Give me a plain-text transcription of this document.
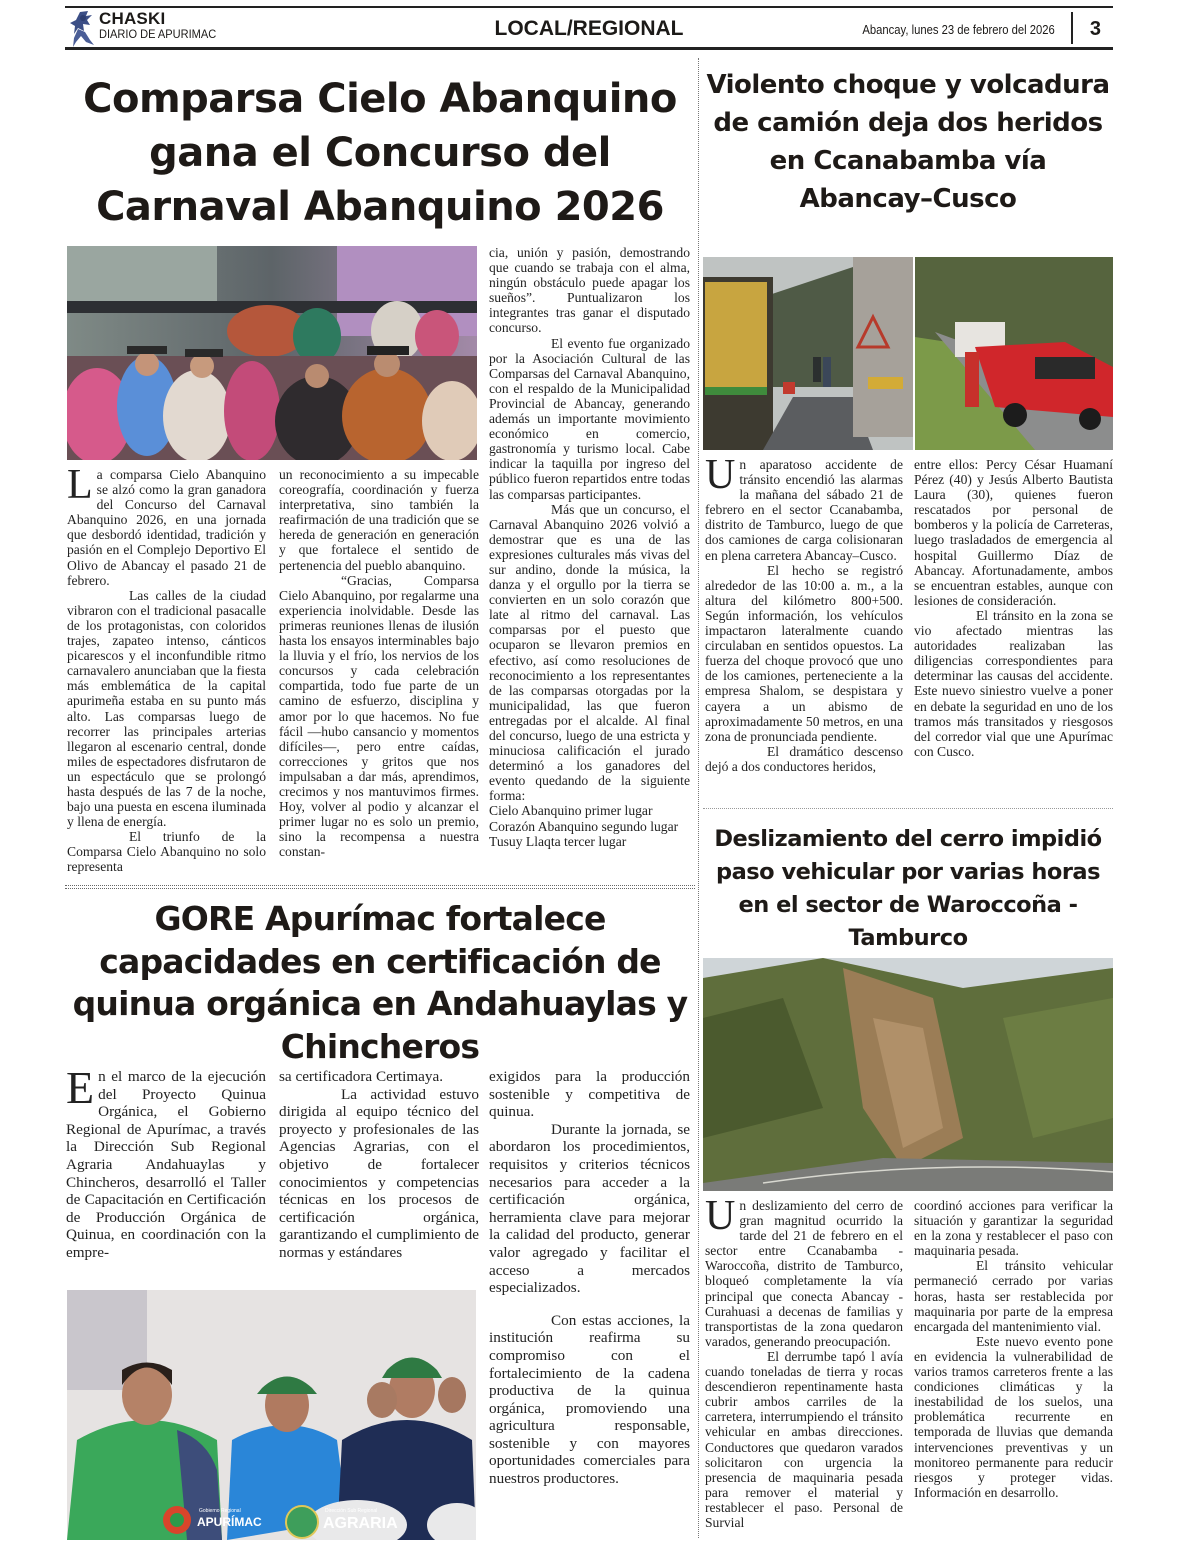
CHASKI
DIARIO DE APURIMAC	LOCAL/REGIONAL	Abancay, lunes 23 de febrero del 2026 3
Comparsa Cielo Abanquino gana el Concurso del Carnaval Abanquino 2026

La comparsa Cielo Abanquino se alzó como la gran ganadora del Concurso del Carnaval Abanquino 2026, en una jornada que desbordó identidad, tradición y pasión en el Complejo Deportivo El Olivo de Abancay el pasado 21 de febrero.

Las calles de la ciudad vibraron con el tradicional pasacalle de los protagonistas, con coloridos trajes, zapateo intenso, cánticos picarescos y el inconfundible ritmo carnavalero anunciaban que la fiesta más emblemática de la capital apurimeña estaba en su punto más alto. Las comparsas luego de recorrer las principales arterias llegaron al escenario central, donde miles de espectadores disfrutaron de un espectáculo que se prolongó hasta después de las 7 de la noche, bajo una puesta en escena iluminada y llena de energía.

El triunfo de la Comparsa Cielo Abanquino no solo representa

un reconocimiento a su impecable coreografía, coordinación y fuerza interpretativa, sino también la reafirmación de una tradición que se hereda de generación en generación y que fortalece el sentido de pertenencia del pueblo abanquino.

“Gracias, Comparsa Cielo Abanquino, por regalarme una experiencia inolvidable. Desde las primeras reuniones llenas de ilusión hasta los ensayos interminables bajo la lluvia y el frío, los nervios de los concursos y cada celebración compartida, todo fue parte de un camino de esfuerzo, disciplina y amor por lo que hacemos. No fue fácil —hubo cansancio y momentos difíciles—, pero entre caídas, correcciones y gritos que nos impulsaban a dar más, aprendimos, crecimos y nos mantuvimos firmes. Hoy, volver al podio y alcanzar el primer lugar no es solo un premio, sino la recompensa a nuestra constan-

cia, unión y pasión, demostrando que cuando se trabaja con el alma, ningún obstáculo puede apagar los sueños”. Puntualizaron los integrantes tras ganar el disputado concurso.

El evento fue organizado por la Asociación Cultural de las Comparsas del Carnaval Abanquino, con el respaldo de la Municipalidad Provincial de Abancay, generando además un importante movimiento económico en comercio, gastronomía y turismo local. Cabe indicar la taquilla por ingreso del público fueron repartidos entre todas las comparsas participantes.

Más que un concurso, el Carnaval Abanquino 2026 volvió a demostrar que es una de las expresiones culturales más vivas del sur andino, donde la música, la danza y el orgullo por la tierra se convierten en un solo corazón que late al ritmo del carnaval. Las comparsas por el puesto que ocuparon se llevaron premios en efectivo, así como resoluciones de reconocimiento a los representantes de las comparsas otorgadas por la municipalidad, las que fueron entregadas por el alcalde. Al final del concurso, luego de una estricta y minuciosa calificación el jurado determinó a los ganadores del evento quedando de la siguiente forma:

Cielo Abanquino primer lugar

Corazón Abanquino segundo lugar

Tusuy Llaqta tercer lugar

Violento choque y volcadura de camión deja dos heridos en Ccanabamba vía Abancay–Cusco

Un aparatoso accidente de tránsito encendió las alarmas la mañana del sábado 21 de febrero en el sector Ccanabamba, distrito de Tamburco, luego de que dos camiones de carga colisionaran en plena carretera Abancay–Cusco.

El hecho se registró alrededor de las 10:00 a. m., a la altura del kilómetro 800+500. Según información, los vehículos impactaron lateralmente cuando circulaban en sentidos opuestos. La fuerza del choque provocó que uno de los camiones, perteneciente a la empresa Shalom, se despistara y cayera a un abismo de aproximadamente 50 metros, en una zona de pronunciada pendiente.

El dramático descenso dejó a dos conductores heridos,

entre ellos: Percy César Huamaní Pérez (40) y Jesús Alberto Bautista Laura (30), quienes fueron rescatados por personal de bomberos y la policía de Carreteras, luego trasladados de emergencia al hospital Guillermo Díaz de Abancay. Afortunadamente, ambos se encuentran estables, aunque con lesiones de consideración.

El tránsito en la zona se vio afectado mientras las autoridades realizaban las diligencias correspondientes para determinar las causas del accidente. Este nuevo siniestro vuelve a poner en debate la seguridad en uno de los tramos más transitados y riesgosos del corredor vial que une Apurímac con Cusco.

Deslizamiento del cerro impidió paso vehicular por varias horas en el sector de Waroccoña - Tamburco

Un deslizamiento del cerro de gran magnitud ocurrido la tarde del 21 de febrero en el sector entre Ccanabamba - Waroccoña, distrito de Tamburco, bloqueó completamente la vía principal que conecta Abancay -Curahuasi a decenas de familias y transportistas de la zona quedaron varados, generando preocupación.

El derrumbe tapó l avía cuando toneladas de tierra y rocas descendieron repentinamente hasta cubrir ambos carriles de la carretera, interrumpiendo el tránsito vehicular en ambas direcciones. Conductores que quedaron varados solicitaron con urgencia la presencia de maquinaria pesada para remover el material y restablecer el paso. Personal de Survial

coordinó acciones para verificar la situación y garantizar la seguridad en la zona y restablecer el paso con maquinaria pesada.

El tránsito vehicular permaneció cerrado por varias horas, hasta ser restablecida por maquinaria por parte de la empresa encargada del mantenimiento vial.

Este nuevo evento pone en evidencia la vulnerabilidad de varios tramos carreteros frente a las condiciones climáticas y la inestabilidad de los suelos, una problemática recurrente en temporada de lluvias que demanda intervenciones preventivas y un monitoreo permanente para reducir riesgos y proteger vidas. Información en desarrollo.

GORE Apurímac fortalece capacidades en certificación de quinua orgánica en Andahuaylas y Chincheros

En el marco de la ejecución del Proyecto Quinua Orgánica, el Gobierno Regional de Apurímac, a través la Dirección Sub Regional Agraria Andahuaylas y Chincheros, desarrolló el Taller de Capacitación en Certificación de Producción Orgánica de Quinua, en coordinación con la empre-

sa certificadora Certimaya.

La actividad estuvo dirigida al equipo técnico del proyecto y profesionales de las Agencias Agrarias, con el objetivo de fortalecer conocimientos y competencias técnicas en los procesos de certificación orgánica, garantizando el cumplimiento de normas y estándares

exigidos para la producción sostenible y competitiva de quinua.

Durante la jornada, se abordaron los procedimientos, requisitos y criterios técnicos necesarios para acceder a la certificación orgánica, herramienta clave para mejorar la calidad del producto, generar valor agregado y facilitar el acceso a mercados especializados.

Con estas acciones, la institución reafirma su compromiso con el fortalecimiento de la cadena productiva de la quinua orgánica, promoviendo una agricultura responsable, sostenible y con mayores oportunidades comerciales para nuestros productores.

Gobierno Regional
APURÍMAC
Dirección Sub Regional
AGRARIA
